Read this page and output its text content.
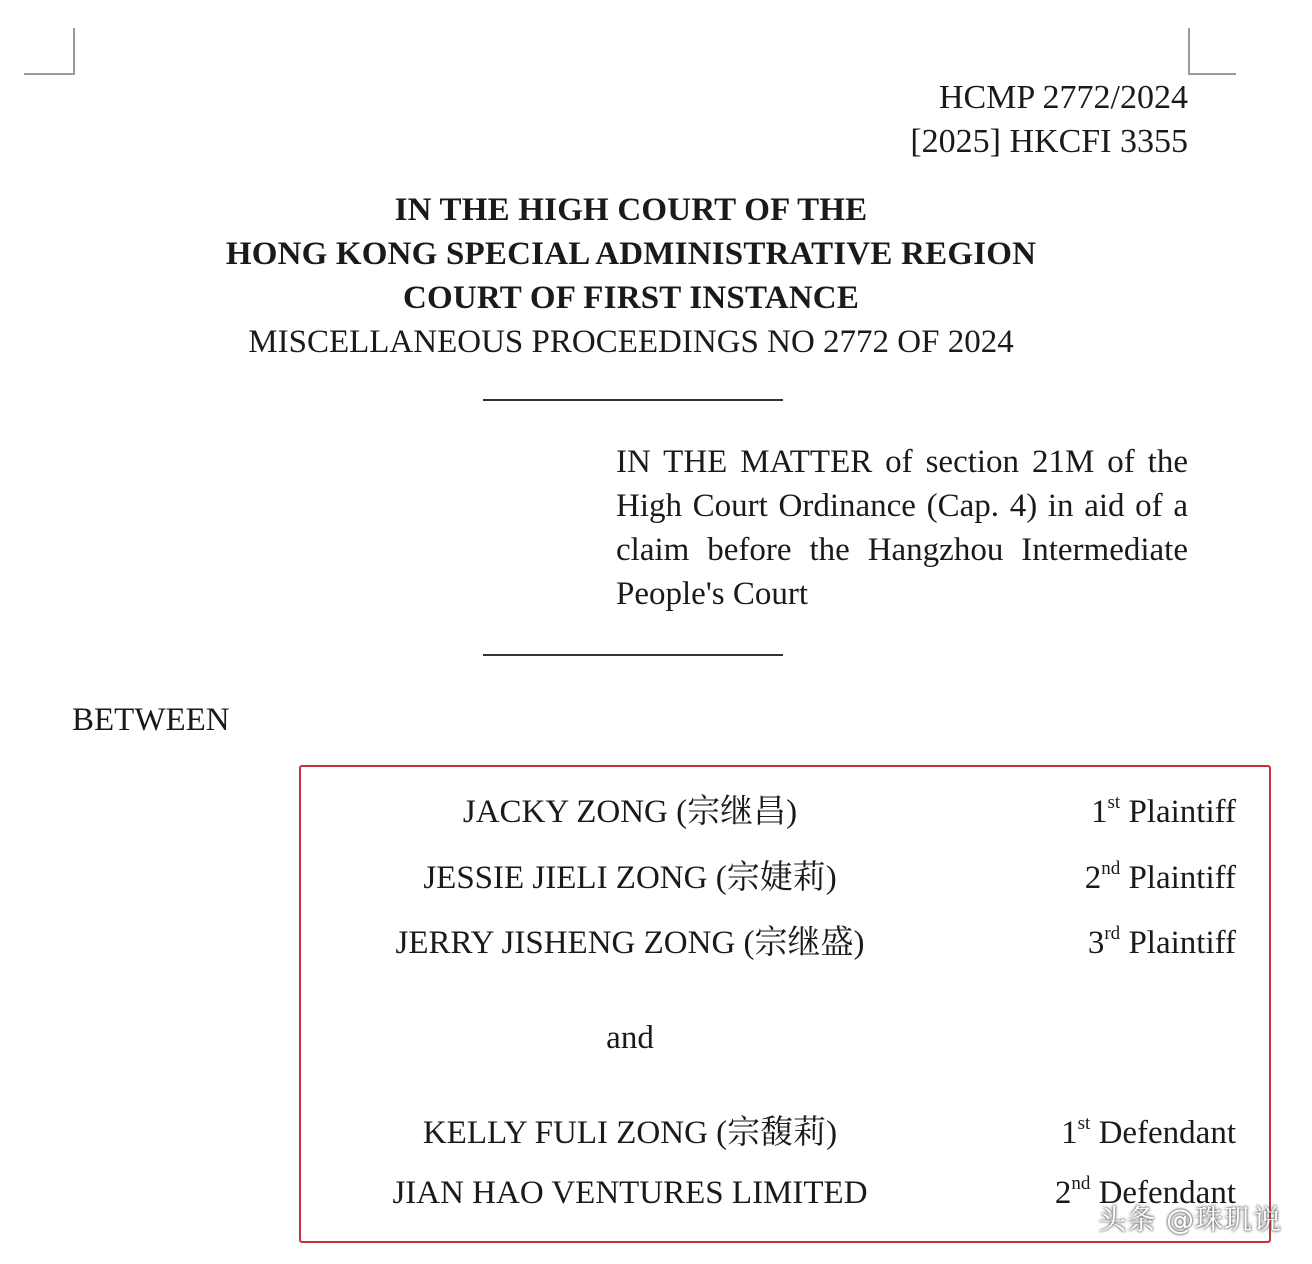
HCMP 2772/2024
[2025] HKCFI 3355
IN THE HIGH COURT OF THE
HONG KONG SPECIAL ADMINISTRATIVE REGION
COURT OF FIRST INSTANCE
MISCELLANEOUS PROCEEDINGS NO 2772 OF 2024
IN THE MATTER of section 21M of the High Court Ordinance (Cap. 4) in aid of a claim before the Hangzhou Intermediate People's Court
BETWEEN
JACKY ZONG (宗继昌)	1st Plaintiff
JESSIE JIELI ZONG (宗婕莉)	2nd Plaintiff
JERRY JISHENG ZONG (宗继盛)	3rd Plaintiff
and
KELLY FULI ZONG (宗馥莉)	1st Defendant
JIAN HAO VENTURES LIMITED	2nd Defendant
头条 @珠玑说
